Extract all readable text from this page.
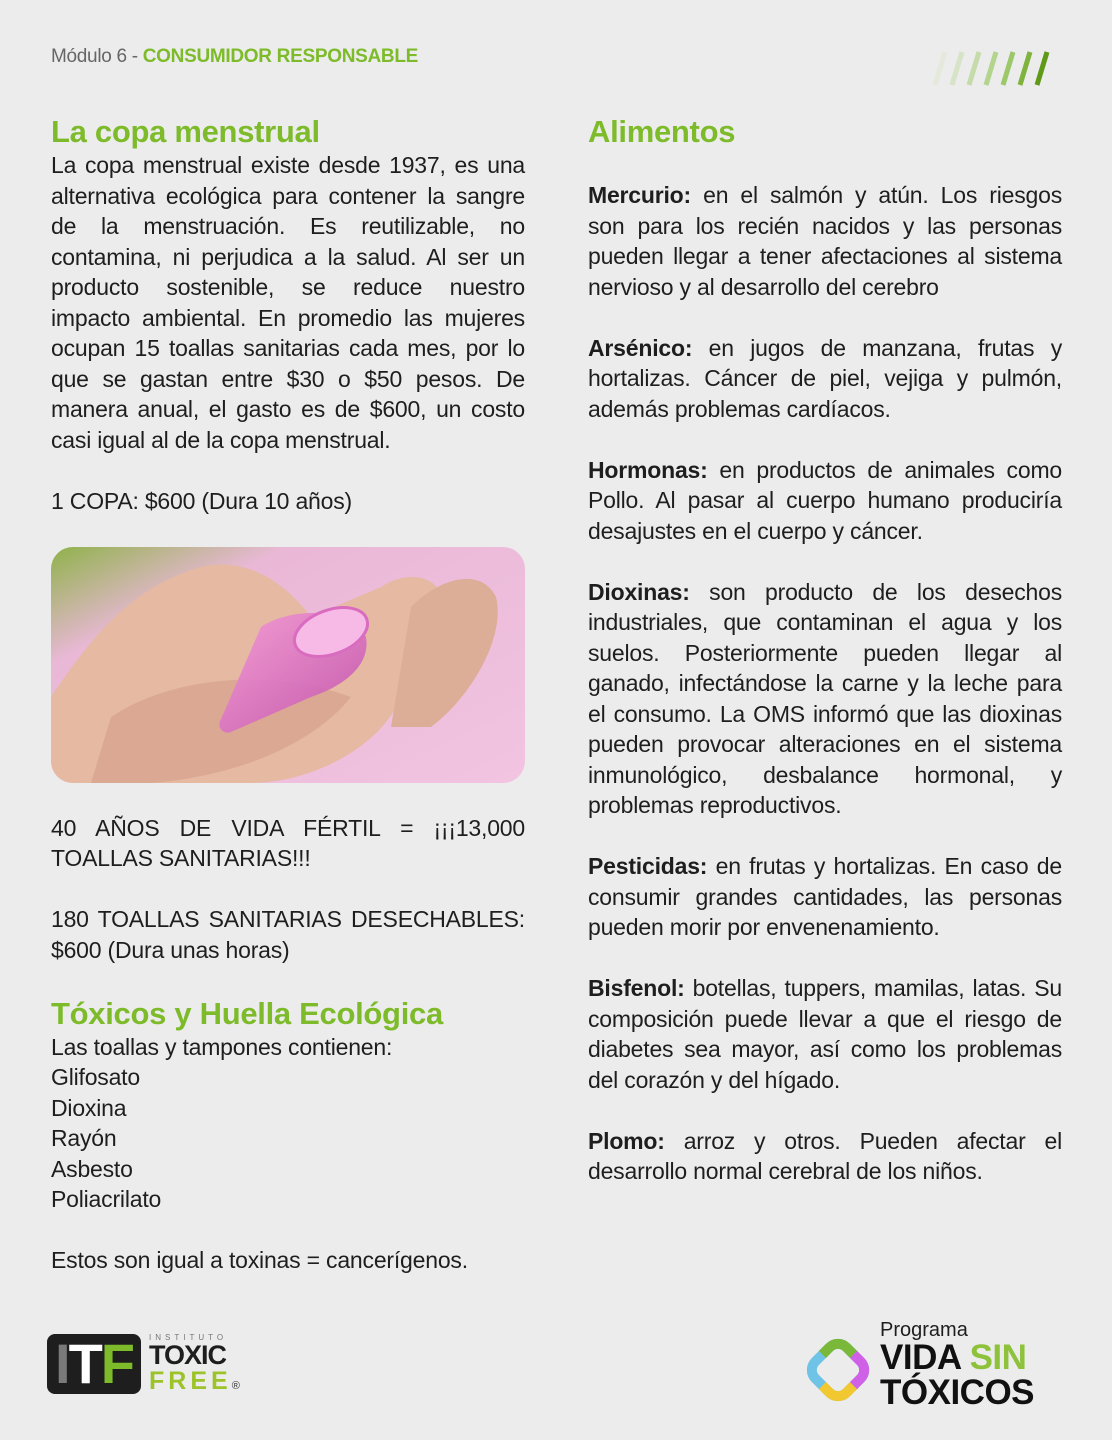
Módulo 6 - CONSUMIDOR RESPONSABLE
La copa menstrual

La copa menstrual existe desde 1937, es una alternativa ecológica para contener la sangre de la menstruación. Es reutilizable, no contamina, ni perjudica a la salud. Al ser un producto sostenible, se reduce nuestro impacto ambiental. En promedio las mujeres ocupan 15 toallas sanitarias cada mes, por lo que se gastan entre $30 o $50 pesos. De manera anual, el gasto es de $600, un costo casi igual al de la copa menstrual.

1 COPA: $600 (Dura 10 años)

40 AÑOS DE VIDA FÉRTIL = ¡¡¡13,000 TOALLAS SANITARIAS!!!

180 TOALLAS SANITARIAS DESECHABLES: $600 (Dura unas horas)

Tóxicos y Huella Ecológica
Las toallas y tampones contienen:
Glifosato
Dioxina
Rayón
Asbesto
Poliacrilato

Estos son igual a toxinas = cancerígenos.

Alimentos

Mercurio: en el salmón y atún. Los riesgos son para los recién nacidos y las personas pueden llegar a tener afectaciones al sistema nervioso y al desarrollo del cerebro

Arsénico: en jugos de manzana, frutas y hortalizas. Cáncer de piel, vejiga y pulmón, además problemas cardíacos.

Hormonas: en productos de animales como Pollo. Al pasar al cuerpo humano produciría desajustes en el cuerpo y cáncer.

Dioxinas: son producto de los desechos industriales, que contaminan el agua y los suelos. Posteriormente pueden llegar al ganado, infectándose la carne y la leche para el consumo. La OMS informó que las dioxinas pueden provocar alteraciones en el sistema inmunológico, desbalance hormonal, y problemas reproductivos.

Pesticidas: en frutas y hortalizas. En caso de consumir grandes cantidades, las personas pueden morir por envenenamiento.

Bisfenol: botellas, tuppers, mamilas, latas. Su composición puede llevar a que el riesgo de diabetes sea mayor, así como los problemas del corazón y del hígado.

Plomo: arroz y otros. Pueden afectar el desarrollo normal cerebral de los niños.

I T F INSTITUTO
TOXIC
FREE®
Programa
VIDA SIN
TÓXICOS
